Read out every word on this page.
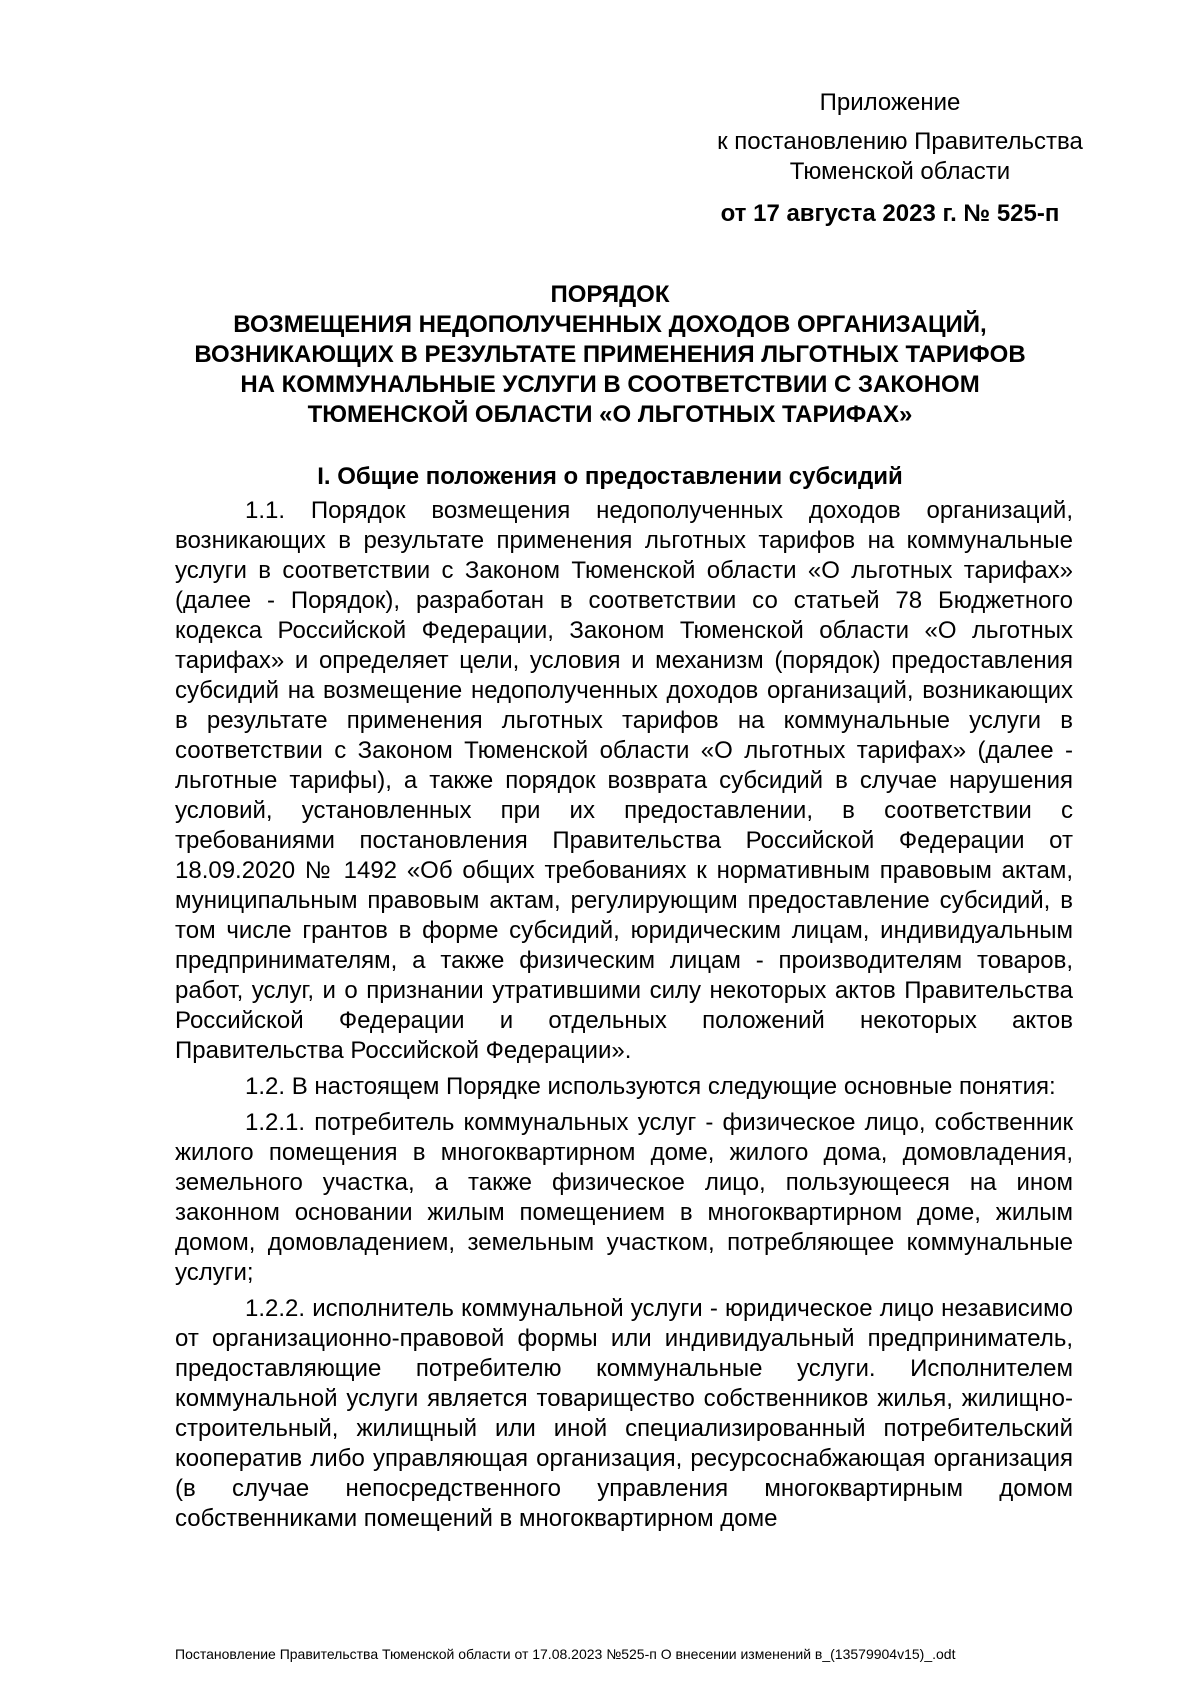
Приложение
к постановлению Правительства
Тюменской области
от 17 августа 2023 г. № 525-п
ПОРЯДОК
ВОЗМЕЩЕНИЯ НЕДОПОЛУЧЕННЫХ ДОХОДОВ ОРГАНИЗАЦИЙ,
ВОЗНИКАЮЩИХ В РЕЗУЛЬТАТЕ ПРИМЕНЕНИЯ ЛЬГОТНЫХ ТАРИФОВ
НА КОММУНАЛЬНЫЕ УСЛУГИ В СООТВЕТСТВИИ С ЗАКОНОМ
ТЮМЕНСКОЙ ОБЛАСТИ «О ЛЬГОТНЫХ ТАРИФАХ»
I. Общие положения о предоставлении субсидий

1.1. Порядок возмещения недополученных доходов организаций, возникающих в результате применения льготных тарифов на коммунальные услуги в соответствии с Законом Тюменской области «О льготных тарифах» (далее - Порядок), разработан в соответствии со статьей 78 Бюджетного кодекса Российской Федерации, Законом Тюменской области «О льготных тарифах» и определяет цели, условия и механизм (порядок) предоставления субсидий на возмещение недополученных доходов организаций, возникающих в результате применения льготных тарифов на коммунальные услуги в соответствии с Законом Тюменской области «О льготных тарифах» (далее - льготные тарифы), а также порядок возврата субсидий в случае нарушения условий, установленных при их предоставлении, в соответствии с требованиями постановления Правительства Российской Федерации от 18.09.2020 № 1492 «Об общих требованиях к нормативным правовым актам, муниципальным правовым актам, регулирующим предоставление субсидий, в том числе грантов в форме субсидий, юридическим лицам, индивидуальным предпринимателям, а также физическим лицам - производителям товаров, работ, услуг, и о признании утратившими силу некоторых актов Правительства Российской Федерации и отдельных положений некоторых актов Правительства Российской Федерации».

1.2. В настоящем Порядке используются следующие основные понятия:

1.2.1. потребитель коммунальных услуг - физическое лицо, собственник жилого помещения в многоквартирном доме, жилого дома, домовладения, земельного участка, а также физическое лицо, пользующееся на ином законном основании жилым помещением в многоквартирном доме, жилым домом, домовладением, земельным участком, потребляющее коммунальные услуги;

1.2.2. исполнитель коммунальной услуги - юридическое лицо независимо от организационно-правовой формы или индивидуальный предприниматель, предоставляющие потребителю коммунальные услуги. Исполнителем коммунальной услуги является товарищество собственников жилья, жилищно-строительный, жилищный или иной специализированный потребительский кооператив либо управляющая организация, ресурсоснабжающая организация (в случае непосредственного управления многоквартирным домом собственниками помещений в многоквартирном доме

Постановление Правительства Тюменской области от 17.08.2023 №525-п О внесении изменений в_(13579904v15)_.odt
